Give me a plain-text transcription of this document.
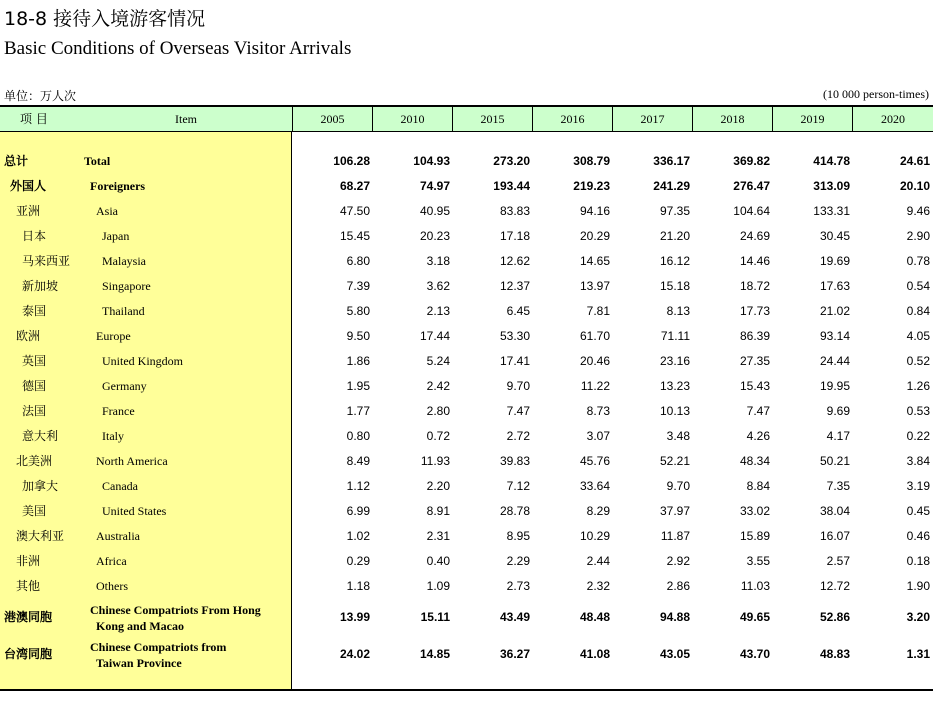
18-8 接待入境游客情况
Basic Conditions of Overseas Visitor Arrivals
单位：万人次	(10 000 person-times)
项 目	Item	2005	2010	2015	2016	2017	2018	2019	2020
总计	Total	106.28	104.93	273.20	308.79	336.17	369.82	414.78	24.61
外国人	Foreigners	68.27	74.97	193.44	219.23	241.29	276.47	313.09	20.10
亚洲	Asia	47.50	40.95	83.83	94.16	97.35	104.64	133.31	9.46
日本	Japan	15.45	20.23	17.18	20.29	21.20	24.69	30.45	2.90
马来西亚	Malaysia	6.80	3.18	12.62	14.65	16.12	14.46	19.69	0.78
新加坡	Singapore	7.39	3.62	12.37	13.97	15.18	18.72	17.63	0.54
泰国	Thailand	5.80	2.13	6.45	7.81	8.13	17.73	21.02	0.84
欧洲	Europe	9.50	17.44	53.30	61.70	71.11	86.39	93.14	4.05
英国	United Kingdom	1.86	5.24	17.41	20.46	23.16	27.35	24.44	0.52
德国	Germany	1.95	2.42	9.70	11.22	13.23	15.43	19.95	1.26
法国	France	1.77	2.80	7.47	8.73	10.13	7.47	9.69	0.53
意大利	Italy	0.80	0.72	2.72	3.07	3.48	4.26	4.17	0.22
北美洲	North America	8.49	11.93	39.83	45.76	52.21	48.34	50.21	3.84
加拿大	Canada	1.12	2.20	7.12	33.64	9.70	8.84	7.35	3.19
美国	United States	6.99	8.91	28.78	8.29	37.97	33.02	38.04	0.45
澳大利亚	Australia	1.02	2.31	8.95	10.29	11.87	15.89	16.07	0.46
非洲	Africa	0.29	0.40	2.29	2.44	2.92	3.55	2.57	0.18
其他	Others	1.18	1.09	2.73	2.32	2.86	11.03	12.72	1.90
港澳同胞	Chinese Compatriots From Hong
Kong and Macao
13.99	15.11	43.49	48.48	94.88	49.65	52.86	3.20
台湾同胞	Chinese Compatriots from
Taiwan Province
24.02	14.85	36.27	41.08	43.05	43.70	48.83	1.31
